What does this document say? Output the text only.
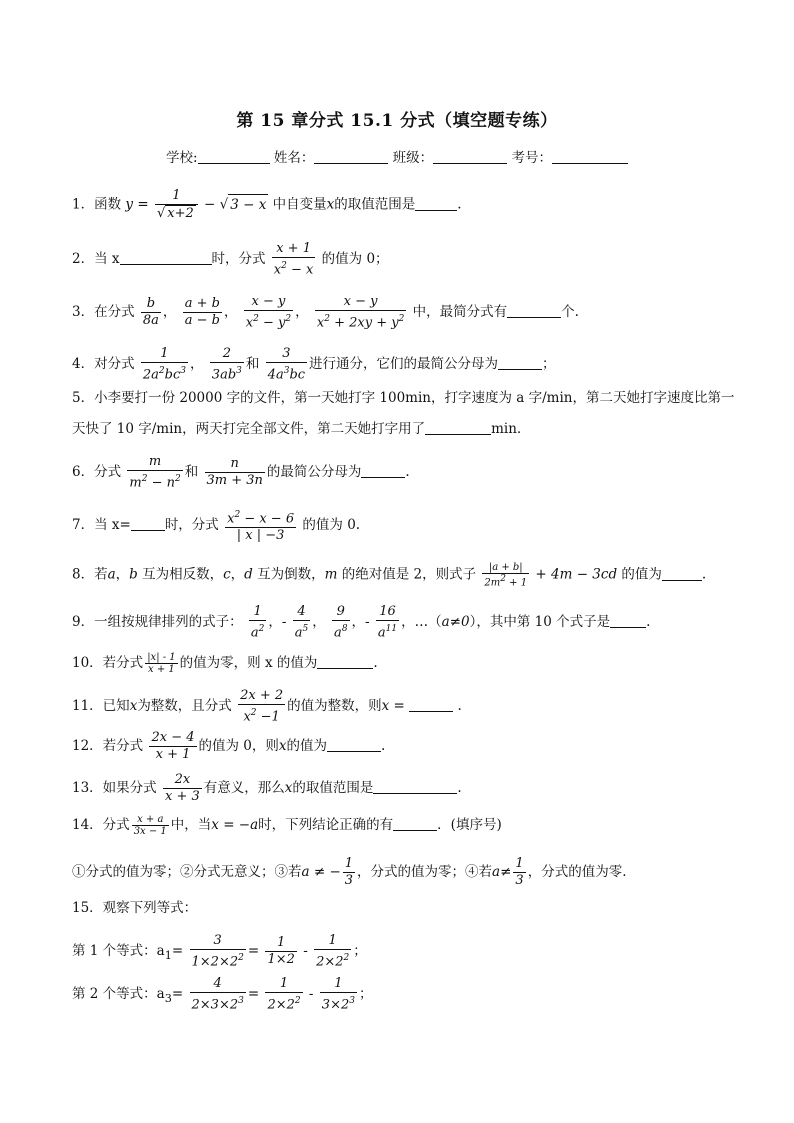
第 15 章分式 15.1 分式（填空题专练）
学校:	姓名：	班级：	考号：
1．函数 $y = \frac{1}{√ x+2}$ − √ 3 − x 中自变量x的取值范围是	.
2．当 x	时，分式 $\frac{x + 1}{x^2 - x}$ 的值为 0；
3．在分式 $\frac{b}{8a}$ ， $\frac{a + b}{a - b}$ ， $\frac{x - y}{x^2 - y^2}$ ， $\frac{x - y}{x^2 + 2xy + y^2}$ 中，最简分式有	个.
4．对分式 $\frac{1}{2a^2bc^3}$ ， $\frac{2}{3ab^3}$ 和 $\frac{3}{4a^3bc}$ 进行通分，它们的最简公分母为	；
5．小李要打一份 20000 字的文件，第一天她打字 100min，打字速度为 a 字/min，第二天她打字速度比第一
天快了 10 字/min，两天打完全部文件，第二天她打字用了	min．
6．分式 $\frac{m}{m^2 - n^2}$ 和 $\frac{n}{3m + 3n}$ 的最简公分母为	.
7．当 x=	时，分式 $\frac{x^2 - x - 6}{| x | -3}$ 的值为 0.
8．若a，b 互为相反数，c，d 互为倒数，m 的绝对值是 2，则式子 $\frac{|a + b|}{2m^2 + 1} + 4m - 3cd$ 的值为	.
9．一组按规律排列的式子： $\frac{1}{a^2}$ ，- $\frac{4}{a^5}$ ， $\frac{9}{a^8}$ ，- $\frac{16}{a^{11}}$ ，…（a≠0），其中第 10 个式子是	.
10．若分式 $\frac{|x| - 1}{x + 1}$ 的值为零，则 x 的值为	.
11．已知x为整数，且分式 $\frac{2x + 2}{x^2 -1}$ 的值为整数，则x =	.
12．若分式 $\frac{2x - 4}{x + 1}$ 的值为 0，则x的值为	.
13．如果分式 $\frac{2x}{x + 3}$ 有意义，那么x的取值范围是	.
14．分式 $\frac{x + a}{3x - 1}$ 中，当x = −a时，下列结论正确的有	．(填序号)
①分式的值为零；②分式无意义；③若a ≠ − $\frac{1}{3}$ ，分式的值为零；④若$a\ne \frac{1}{3}$ ，分式的值为零.
15．观察下列等式：
第 1 个等式：$a_1= \frac{3}{1\times 2\times 2^2} = \frac{1}{1\times 2} - \frac{1}{2\times 2^2}$ ；
第 2 个等式：$a_3= \frac{4}{2\times 3\times 2^3} = \frac{1}{2\times 2^2} - \frac{1}{3\times 2^3}$ ；
